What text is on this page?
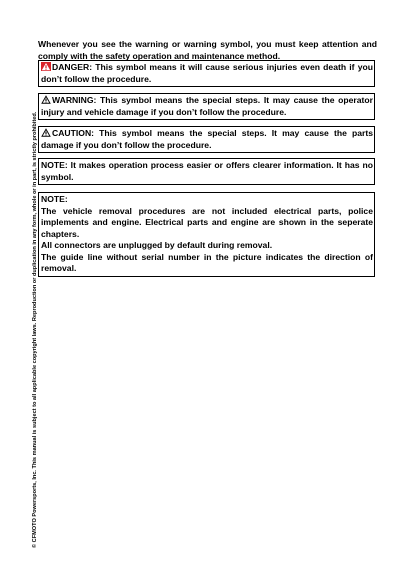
© CFMOTO Powersports, Inc. This manual is subject to all applicable copyright laws. Reproduction or duplication in any form, whole or in part, is strictly prohibited.
Whenever you see the warning or warning symbol, you must keep attention and comply with the safety operation and maintenance method.
DANGER: This symbol means it will cause serious injuries even death if you don’t follow the procedure.
WARNING: This symbol means the special steps. It may cause the operator injury and vehicle damage if you don’t follow the procedure.
CAUTION: This symbol means the special steps. It may cause the parts damage if you don’t follow the procedure.
NOTE: It makes operation process easier or offers clearer information. It has no symbol.
NOTE:
The vehicle removal procedures are not included electrical parts, police implements and engine. Electrical parts and engine are shown in the seperate chapters.
All connectors are unplugged by default during removal.
The guide line without serial number in the picture indicates the direction of removal.
